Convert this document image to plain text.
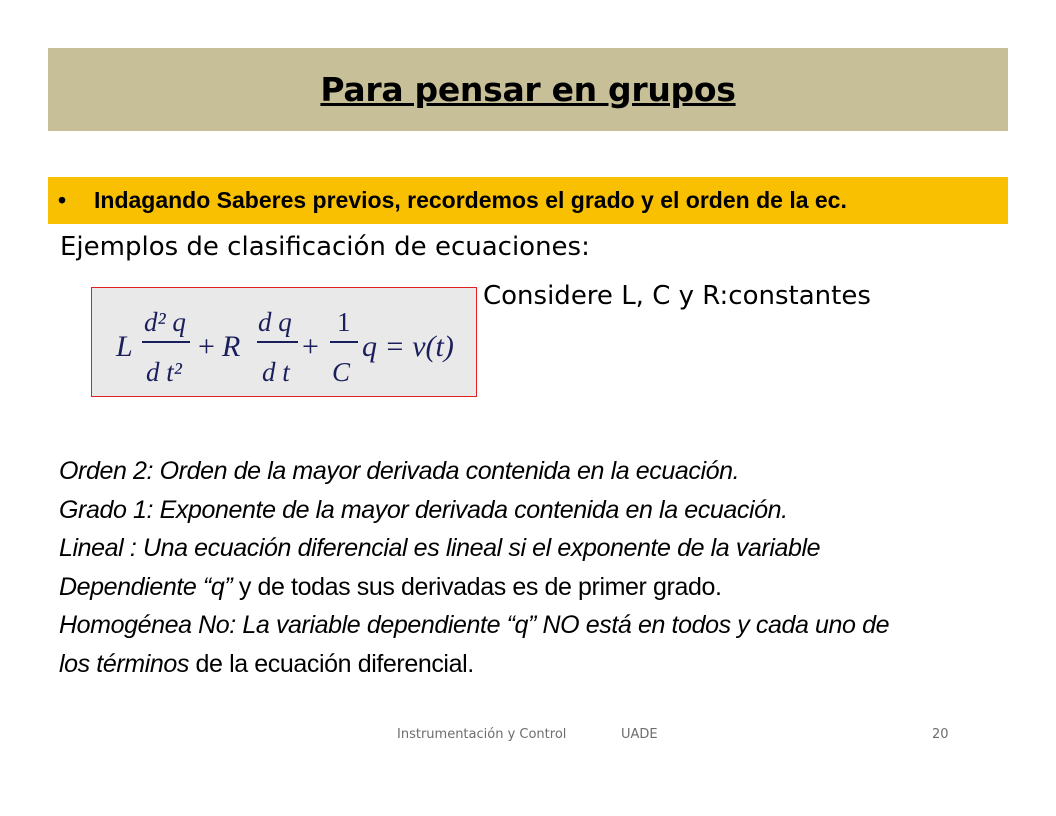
Para pensar en grupos
•	Indagando Saberes previos, recordemos el grado y el orden de la ec.

Ejemplos de clasificación de ecuaciones:

Considere L, C y R:constantes
L
d² q
d t²
+ R
d q
d t
+
1
C
q = v(t)
Orden 2: Orden de la mayor derivada contenida en la ecuación.
Grado 1: Exponente de la mayor derivada contenida en la ecuación.
Lineal : Una ecuación diferencial es lineal si el exponente de la variable
Dependiente “q” y de todas sus derivadas es de primer grado.
Homogénea No: La variable dependiente “q” NO está en todos y cada uno de
los términos de la ecuación diferencial.
Instrumentación y Control	UADE	20
